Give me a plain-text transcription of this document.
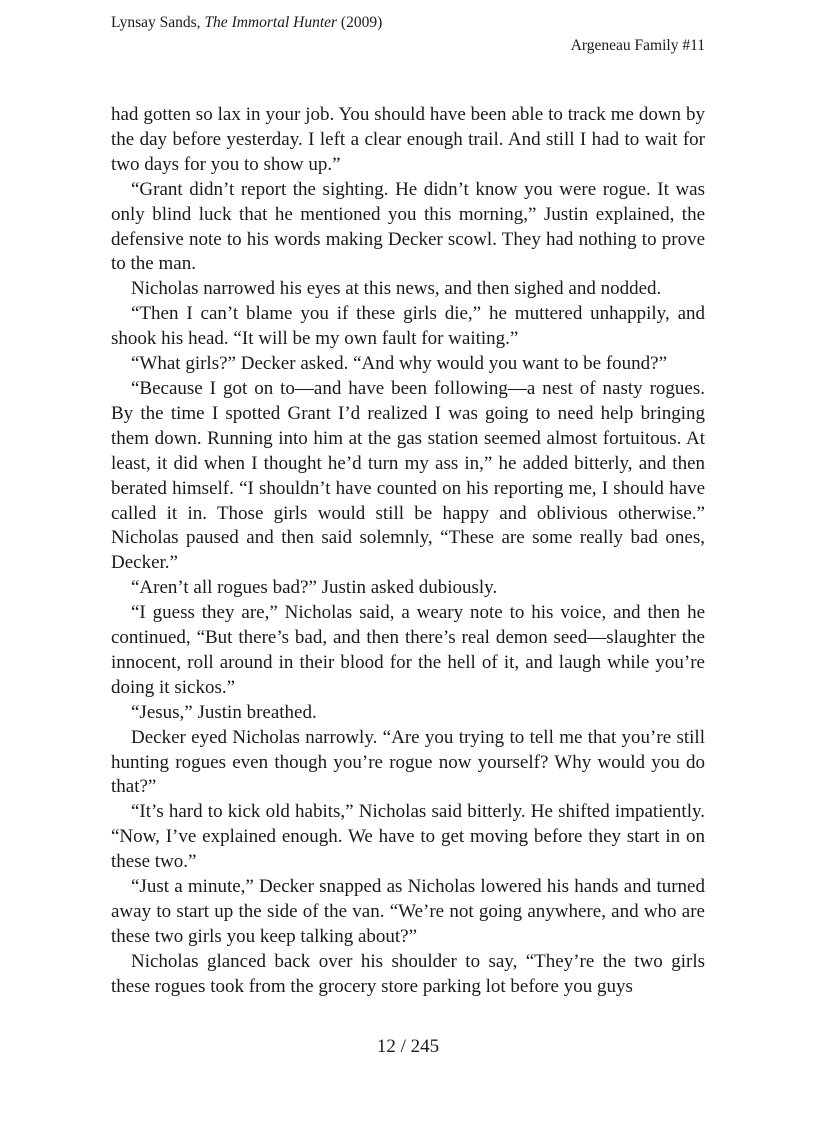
Lynsay Sands, The Immortal Hunter (2009)
Argeneau Family #11

had gotten so lax in your job. You should have been able to track me down by the day before yesterday. I left a clear enough trail. And still I had to wait for two days for you to show up.”

“Grant didn’t report the sighting. He didn’t know you were rogue. It was only blind luck that he mentioned you this morning,” Justin explained, the defensive note to his words making Decker scowl. They had nothing to prove to the man.

Nicholas narrowed his eyes at this news, and then sighed and nodded.

“Then I can’t blame you if these girls die,” he muttered unhappily, and shook his head. “It will be my own fault for waiting.”

“What girls?” Decker asked. “And why would you want to be found?”

“Because I got on to—and have been following—a nest of nasty rogues. By the time I spotted Grant I’d realized I was going to need help bringing them down. Running into him at the gas station seemed almost fortuitous. At least, it did when I thought he’d turn my ass in,” he added bitterly, and then berated himself. “I shouldn’t have counted on his reporting me, I should have called it in. Those girls would still be happy and oblivious otherwise.” Nicholas paused and then said solemnly, “These are some really bad ones, Decker.”

“Aren’t all rogues bad?” Justin asked dubiously.

“I guess they are,” Nicholas said, a weary note to his voice, and then he continued, “But there’s bad, and then there’s real demon seed—slaughter the innocent, roll around in their blood for the hell of it, and laugh while you’re doing it sickos.”

“Jesus,” Justin breathed.

Decker eyed Nicholas narrowly. “Are you trying to tell me that you’re still hunting rogues even though you’re rogue now yourself? Why would you do that?”

“It’s hard to kick old habits,” Nicholas said bitterly. He shifted impatiently. “Now, I’ve explained enough. We have to get moving before they start in on these two.”

“Just a minute,” Decker snapped as Nicholas lowered his hands and turned away to start up the side of the van. “We’re not going anywhere, and who are these two girls you keep talking about?”

Nicholas glanced back over his shoulder to say, “They’re the two girls these rogues took from the grocery store parking lot before you guys

12 / 245
